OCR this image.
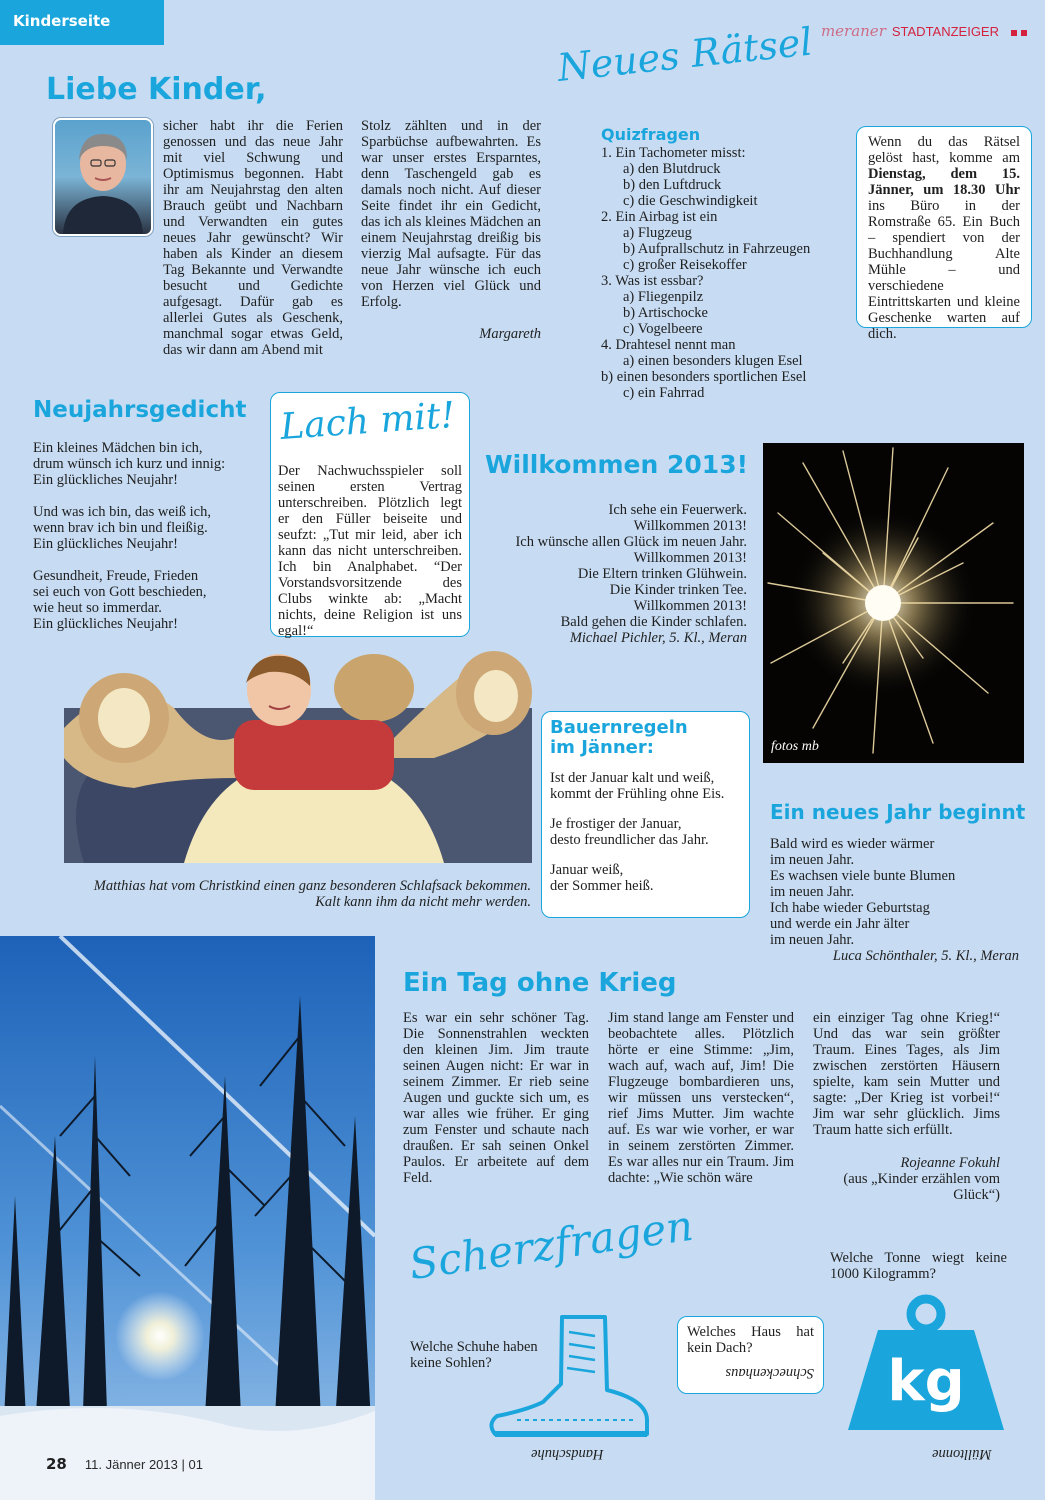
Kinderseite
meraner STADTANZEIGER
Liebe Kinder,
sicher habt ihr die Ferien genossen und das neue Jahr mit viel Schwung und Optimismus begonnen. Habt ihr am Neujahrstag den alten Brauch geübt und Nachbarn und Verwandten ein gutes neues Jahr gewünscht? Wir haben als Kinder an diesem Tag Bekannte und Verwandte besucht und Gedichte aufgesagt. Dafür gab es allerlei Gutes als Geschenk, manchmal sogar etwas Geld, das wir dann am Abend mit
Stolz zählten und in der Sparbüchse aufbewahrten. Es war unser erstes Ersparntes, denn Taschengeld gab es damals noch nicht. Auf dieser Seite findet ihr ein Gedicht, das ich als kleines Mädchen an einem Neujahrstag dreißig bis vierzig Mal aufsagte. Für das neue Jahr wünsche ich euch von Herzen viel Glück und Erfolg.
Margareth
Neues Rätsel
Quizfragen
1. Ein Tachometer misst:
a) den Blutdruck
b) den Luftdruck
c) die Geschwindigkeit
2. Ein Airbag ist ein
a) Flugzeug
b) Aufprallschutz in Fahrzeugen
c) großer Reisekoffer
3. Was ist essbar?
a) Fliegenpilz
b) Artischocke
c) Vogelbeere
4. Drahtesel nennt man
a) einen besonders klugen Esel
b) einen besonders sportlichen Esel
c) ein Fahrrad
Wenn du das Rätsel gelöst hast, komme am Dienstag, dem 15. Jänner, um 18.30 Uhr ins Büro in der Romstraße 65. Ein Buch – spendiert von der Buchhandlung Alte Mühle – und verschiedene Eintrittskarten und kleine Geschenke warten auf dich.
Neujahrsgedicht
Ein kleines Mädchen bin ich,
drum wünsch ich kurz und innig:
Ein glückliches Neujahr!
Und was ich bin, das weiß ich,
wenn brav ich bin und fleißig.
Ein glückliches Neujahr!
Gesundheit, Freude, Frieden
sei euch von Gott beschieden,
wie heut so immerdar.
Ein glückliches Neujahr!
Lach mit!
Der Nachwuchsspieler soll seinen ersten Vertrag unterschreiben. Plötzlich legt er den Füller beiseite und seufzt: „Tut mir leid, aber ich kann das nicht unterschreiben. Ich bin Analphabet. “Der Vorstandsvorsitzende des Clubs winkte ab: „Macht nichts, deine Religion ist uns egal!“
Willkommen 2013!
Ich sehe ein Feuerwerk.
Willkommen 2013!
Ich wünsche allen Glück im neuen Jahr.
Willkommen 2013!
Die Eltern trinken Glühwein.
Die Kinder trinken Tee.
Willkommen 2013!
Bald gehen die Kinder schlafen.
Michael Pichler, 5. Kl., Meran
fotos mb
Matthias hat vom Christkind einen ganz besonderen Schlafsack bekommen.
Kalt kann ihm da nicht mehr werden.
Bauernregeln
im Jänner:
Ist der Januar kalt und weiß,
kommt der Frühling ohne Eis.
Je frostiger der Januar,
desto freundlicher das Jahr.
Januar weiß,
der Sommer heiß.
Ein neues Jahr beginnt
Bald wird es wieder wärmer
im neuen Jahr.
Es wachsen viele bunte Blumen
im neuen Jahr.
Ich habe wieder Geburtstag
und werde ein Jahr älter
im neuen Jahr.
Luca Schönthaler, 5. Kl., Meran
Ein Tag ohne Krieg
Es war ein sehr schöner Tag. Die Sonnenstrahlen weckten den kleinen Jim. Jim traute seinen Augen nicht: Er war in seinem Zimmer. Er rieb seine Augen und guckte sich um, es war alles wie früher. Er ging zum Fenster und schaute nach draußen. Er sah seinen Onkel Paulos. Er arbeitete auf dem Feld.
Jim stand lange am Fenster und beobachtete alles. Plötzlich hörte er eine Stimme: „Jim, wach auf, wach auf, Jim! Die Flugzeuge bombardieren uns, wir müssen uns verstecken“, rief Jims Mutter. Jim wachte auf. Es war wie vorher, er war in seinem zerstörten Zimmer. Es war alles nur ein Traum. Jim dachte: „Wie schön wäre
ein einziger Tag ohne Krieg!“ Und das war sein größter Traum. Eines Tages, als Jim zwischen zerstörten Häusern spielte, kam sein Mutter und sagte: „Der Krieg ist vorbei!“ Jim war sehr glücklich. Jims Traum hatte sich erfüllt.
Rojeanne Fokuhl
(aus „Kinder erzählen vom Glück“)
Scherzfragen
Welche Schuhe haben keine Sohlen?
Handschuhe
Welches Haus hat kein Dach?
Schneckenhaus
Welche Tonne wiegt keine 1000 Kilogramm?
kg
Mülltonne
28 11. Jänner 2013 | 01
